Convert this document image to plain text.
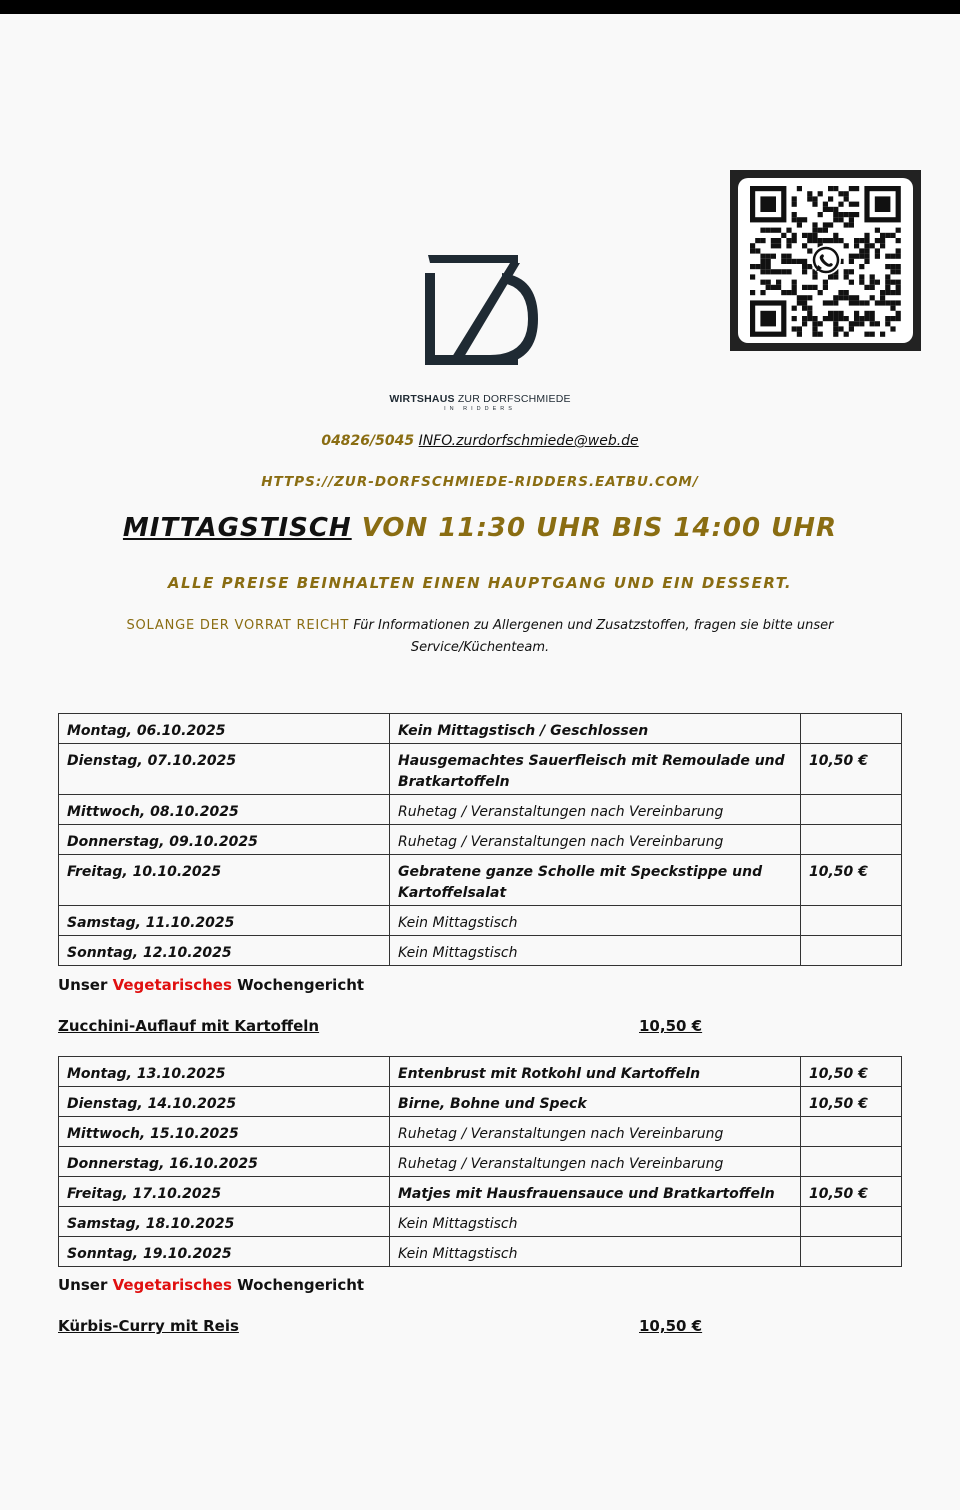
WIRTSHAUS ZUR DORFSCHMIEDE
IN RIDDERS
04826/5045 INFO.zurdorfschmiede@web.de
HTTPS://ZUR-DORFSCHMIEDE-RIDDERS.EATBU.COM/
MITTAGSTISCH VON 11:30 UHR BIS 14:00 UHR
ALLE PREISE BEINHALTEN EINEN HAUPTGANG UND EIN DESSERT.
SOLANGE DER VORRAT REICHT Für Informationen zu Allergenen und Zusatzstoffen, fragen sie bitte unser Service/Küchenteam.
Montag, 06.10.2025	Kein Mittagstisch / Geschlossen	
Dienstag, 07.10.2025	Hausgemachtes Sauerfleisch mit Remoulade und Bratkartoffeln	10,50 €
Mittwoch, 08.10.2025	Ruhetag / Veranstaltungen nach Vereinbarung	
Donnerstag, 09.10.2025	Ruhetag / Veranstaltungen nach Vereinbarung	
Freitag, 10.10.2025	Gebratene ganze Scholle mit Speckstippe und Kartoffelsalat	10,50 €
Samstag, 11.10.2025	Kein Mittagstisch	
Sonntag, 12.10.2025	Kein Mittagstisch	
Unser Vegetarisches Wochengericht
Zucchini-Auflauf mit Kartoffeln	10,50 €
Montag, 13.10.2025	Entenbrust mit Rotkohl und Kartoffeln	10,50 €
Dienstag, 14.10.2025	Birne, Bohne und Speck	10,50 €
Mittwoch, 15.10.2025	Ruhetag / Veranstaltungen nach Vereinbarung	
Donnerstag, 16.10.2025	Ruhetag / Veranstaltungen nach Vereinbarung	
Freitag, 17.10.2025	Matjes mit Hausfrauensauce und Bratkartoffeln	10,50 €
Samstag, 18.10.2025	Kein Mittagstisch	
Sonntag, 19.10.2025	Kein Mittagstisch	
Unser Vegetarisches Wochengericht
Kürbis-Curry mit Reis	10,50 €
